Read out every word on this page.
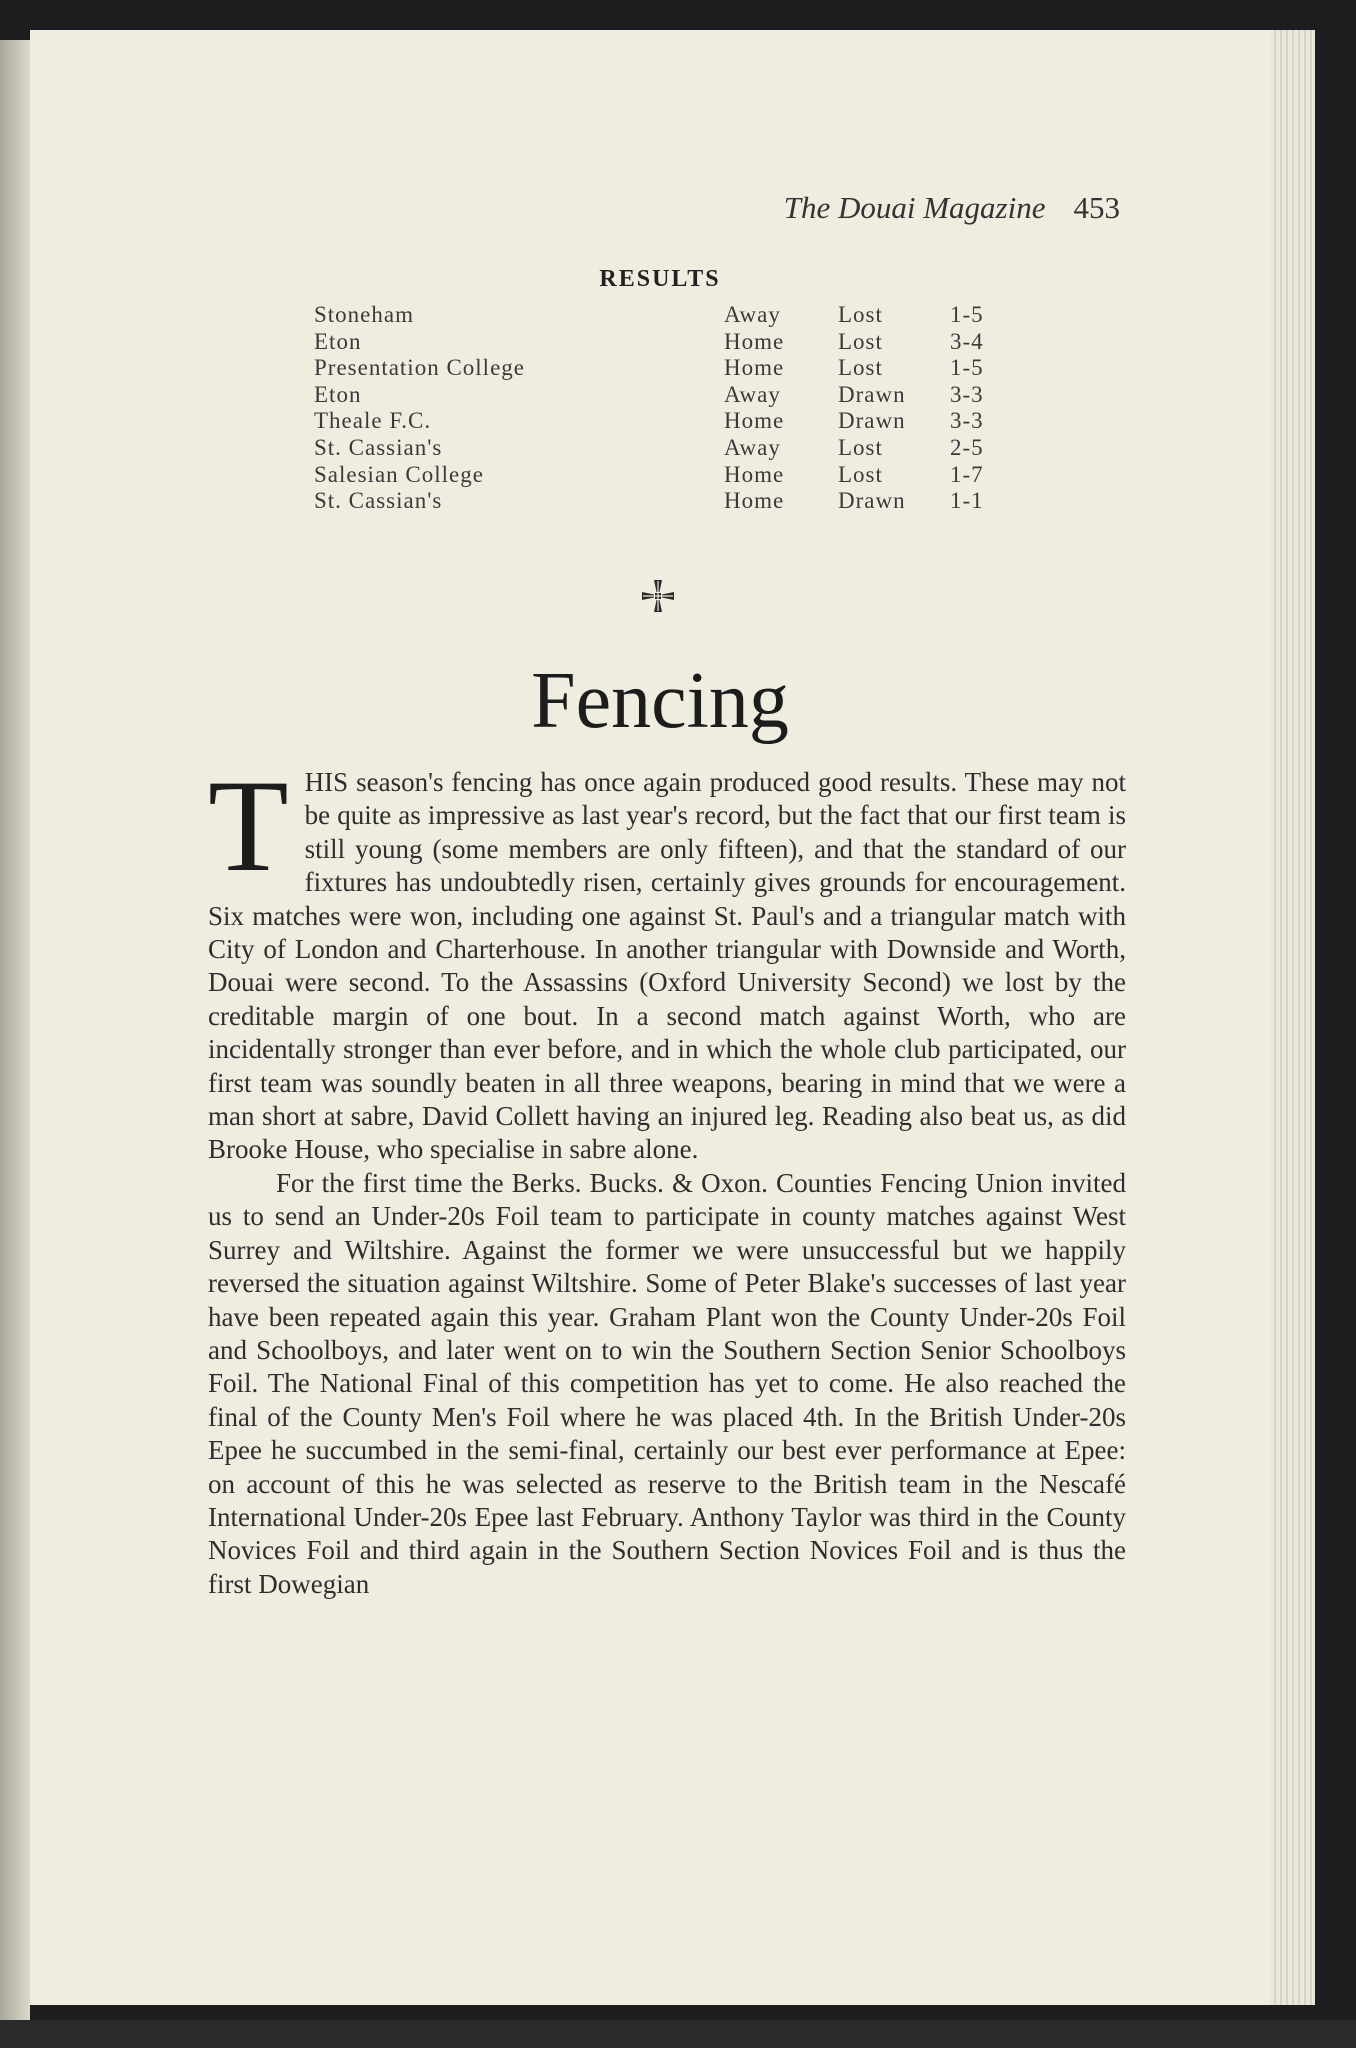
The Douai Magazine 453
RESULTS
Stoneham	Away	Lost	1-5
Eton	Home	Lost	3-4
Presentation College	Home	Lost	1-5
Eton	Away	Drawn	3-3
Theale F.C.	Home	Drawn	3-3
St. Cassian's	Away	Lost	2-5
Salesian College	Home	Lost	1-7
St. Cassian's	Home	Drawn	1-1
Fencing

THIS season's fencing has once again produced good results. These may not be quite as impressive as last year's record, but the fact that our first team is still young (some members are only fifteen), and that the standard of our fixtures has undoubtedly risen, certainly gives grounds for encouragement. Six matches were won, including one against St. Paul's and a triangular match with City of London and Charterhouse. In another triangular with Downside and Worth, Douai were second. To the Assassins (Oxford University Second) we lost by the creditable margin of one bout. In a second match against Worth, who are incidentally stronger than ever before, and in which the whole club participated, our first team was soundly beaten in all three weapons, bearing in mind that we were a man short at sabre, David Collett having an injured leg. Reading also beat us, as did Brooke House, who specialise in sabre alone.

For the first time the Berks. Bucks. & Oxon. Counties Fencing Union invited us to send an Under-20s Foil team to participate in county matches against West Surrey and Wiltshire. Against the former we were unsuccessful but we happily reversed the situation against Wiltshire. Some of Peter Blake's successes of last year have been repeated again this year. Graham Plant won the County Under-20s Foil and Schoolboys, and later went on to win the Southern Section Senior Schoolboys Foil. The National Final of this competition has yet to come. He also reached the final of the County Men's Foil where he was placed 4th. In the British Under-20s Epee he succumbed in the semi-final, certainly our best ever performance at Epee: on account of this he was selected as reserve to the British team in the Nescafé International Under-20s Epee last February. Anthony Taylor was third in the County Novices Foil and third again in the Southern Section Novices Foil and is thus the first Dowegian
